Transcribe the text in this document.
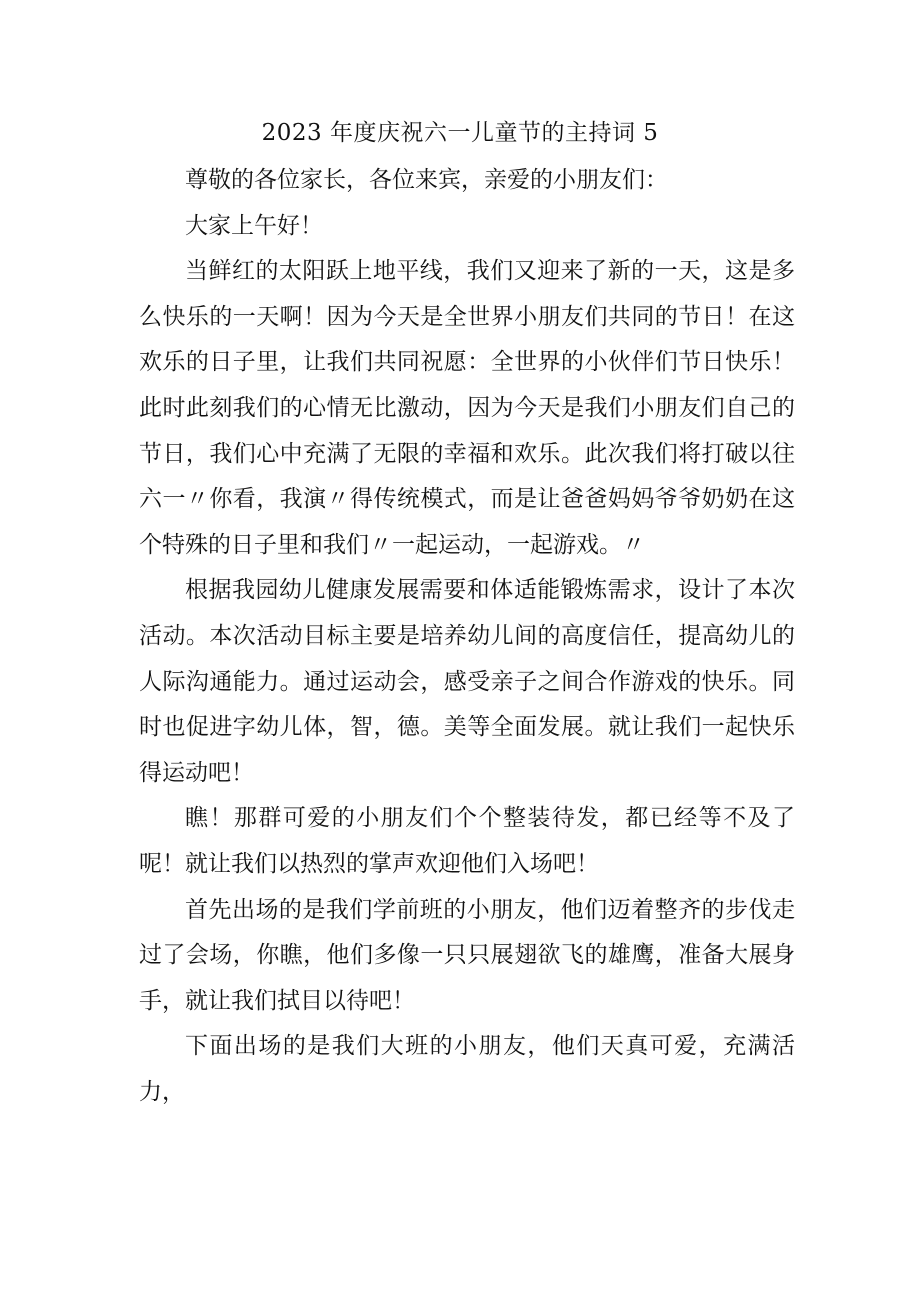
2023 年度庆祝六一儿童节的主持词 5

尊敬的各位家长，各位来宾，亲爱的小朋友们：

大家上午好！

当鲜红的太阳跃上地平线，我们又迎来了新的一天，这是多么快乐的一天啊！因为今天是全世界小朋友们共同的节日！在这欢乐的日子里，让我们共同祝愿：全世界的小伙伴们节日快乐！此时此刻我们的心情无比激动，因为今天是我们小朋友们自己的节日，我们心中充满了无限的幸福和欢乐。此次我们将打破以往六一〃你看，我演〃得传统模式，而是让爸爸妈妈爷爷奶奶在这个特殊的日子里和我们〃一起运动，一起游戏。〃

根据我园幼儿健康发展需要和体适能锻炼需求，设计了本次活动。本次活动目标主要是培养幼儿间的高度信任，提高幼儿的人际沟通能力。通过运动会，感受亲子之间合作游戏的快乐。同时也促进字幼儿体，智，德。美等全面发展。就让我们一起快乐得运动吧！

瞧！那群可爱的小朋友们个个整装待发，都已经等不及了呢！就让我们以热烈的掌声欢迎他们入场吧！

首先出场的是我们学前班的小朋友，他们迈着整齐的步伐走过了会场，你瞧，他们多像一只只展翅欲飞的雄鹰，准备大展身手，就让我们拭目以待吧！

下面出场的是我们大班的小朋友，他们天真可爱，充满活力，
